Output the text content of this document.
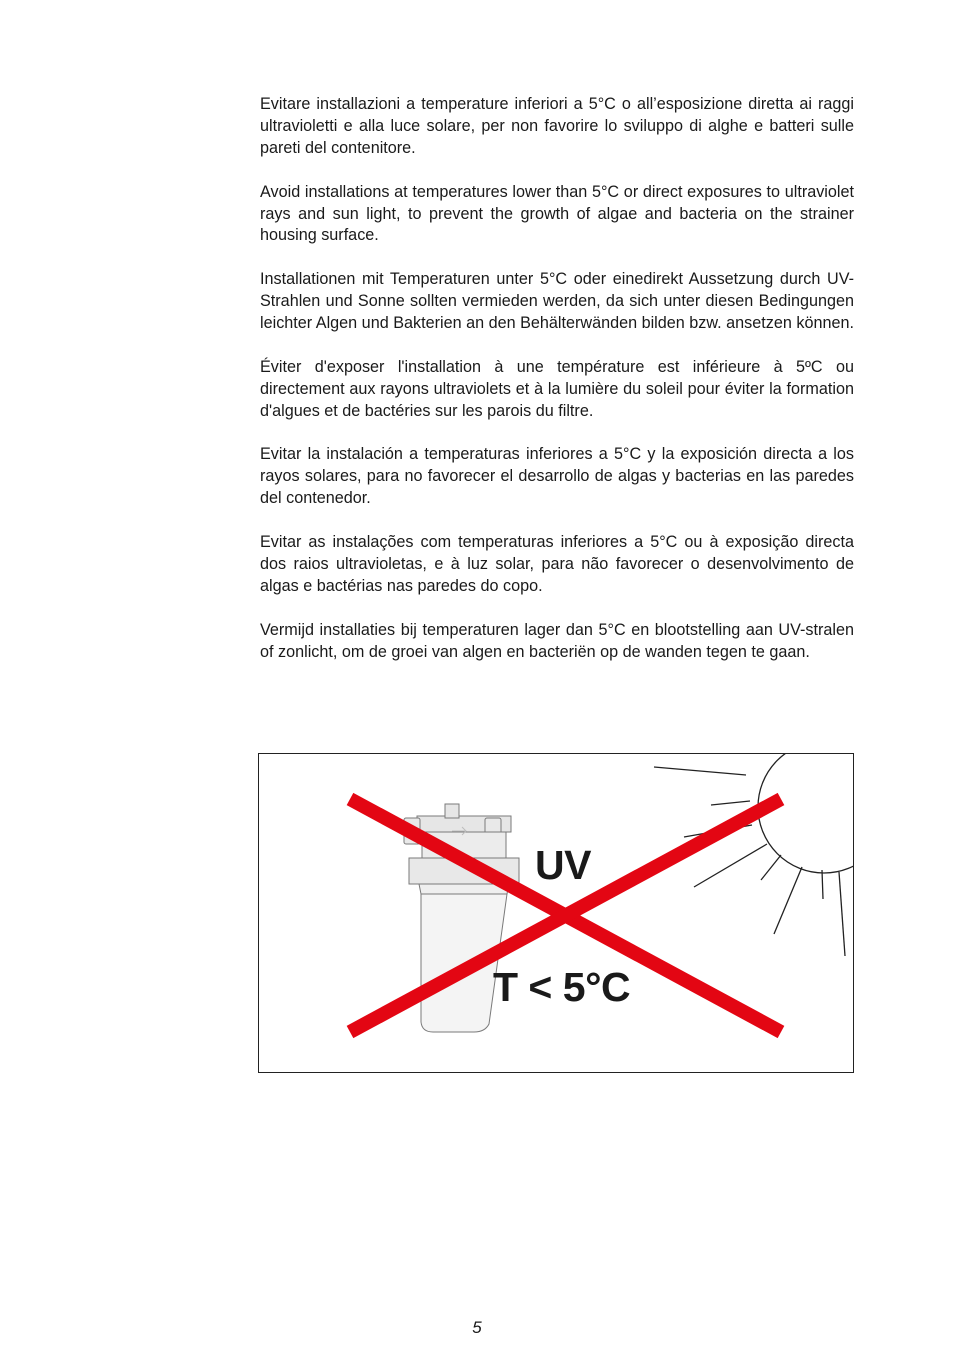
Evitare installazioni a temperature inferiori a 5°C o all’esposizione diretta ai raggi ultravioletti e alla luce solare, per non favorire lo sviluppo di alghe e batteri sulle pareti del contenitore.

Avoid installations at temperatures lower than 5°C or direct exposures to ultraviolet rays and sun light, to prevent the growth of algae and bacteria on the strainer housing surface.

Installationen mit Temperaturen unter 5°C oder einedirekt Aussetzung durch UV-Strahlen und Sonne sollten vermieden werden, da sich unter diesen Bedingungen leichter Algen und Bakterien an den Behälterwänden bilden bzw. ansetzen können.

Éviter d'exposer l'installation à une température est inférieure à 5ºC ou directement aux rayons ultraviolets et à la lumière du soleil pour éviter la formation d'algues et de bactéries sur les parois du filtre.

Evitar la instalación a temperaturas inferiores a 5°C y la exposición directa a los rayos solares, para no favorecer el desarrollo de algas y bacterias en las paredes del contenedor.

Evitar as instalações com temperaturas inferiores a 5°C ou à exposição directa dos raios ultravioletas, e à luz solar, para não favorecer o desenvolvimento de algas e bactérias nas paredes do copo.

Vermijd installaties bij temperaturen lager dan 5°C en blootstelling aan UV-stralen of zonlicht, om de groei van algen en bacteriën op de wanden tegen te gaan.

UV

T < 5°C

5
